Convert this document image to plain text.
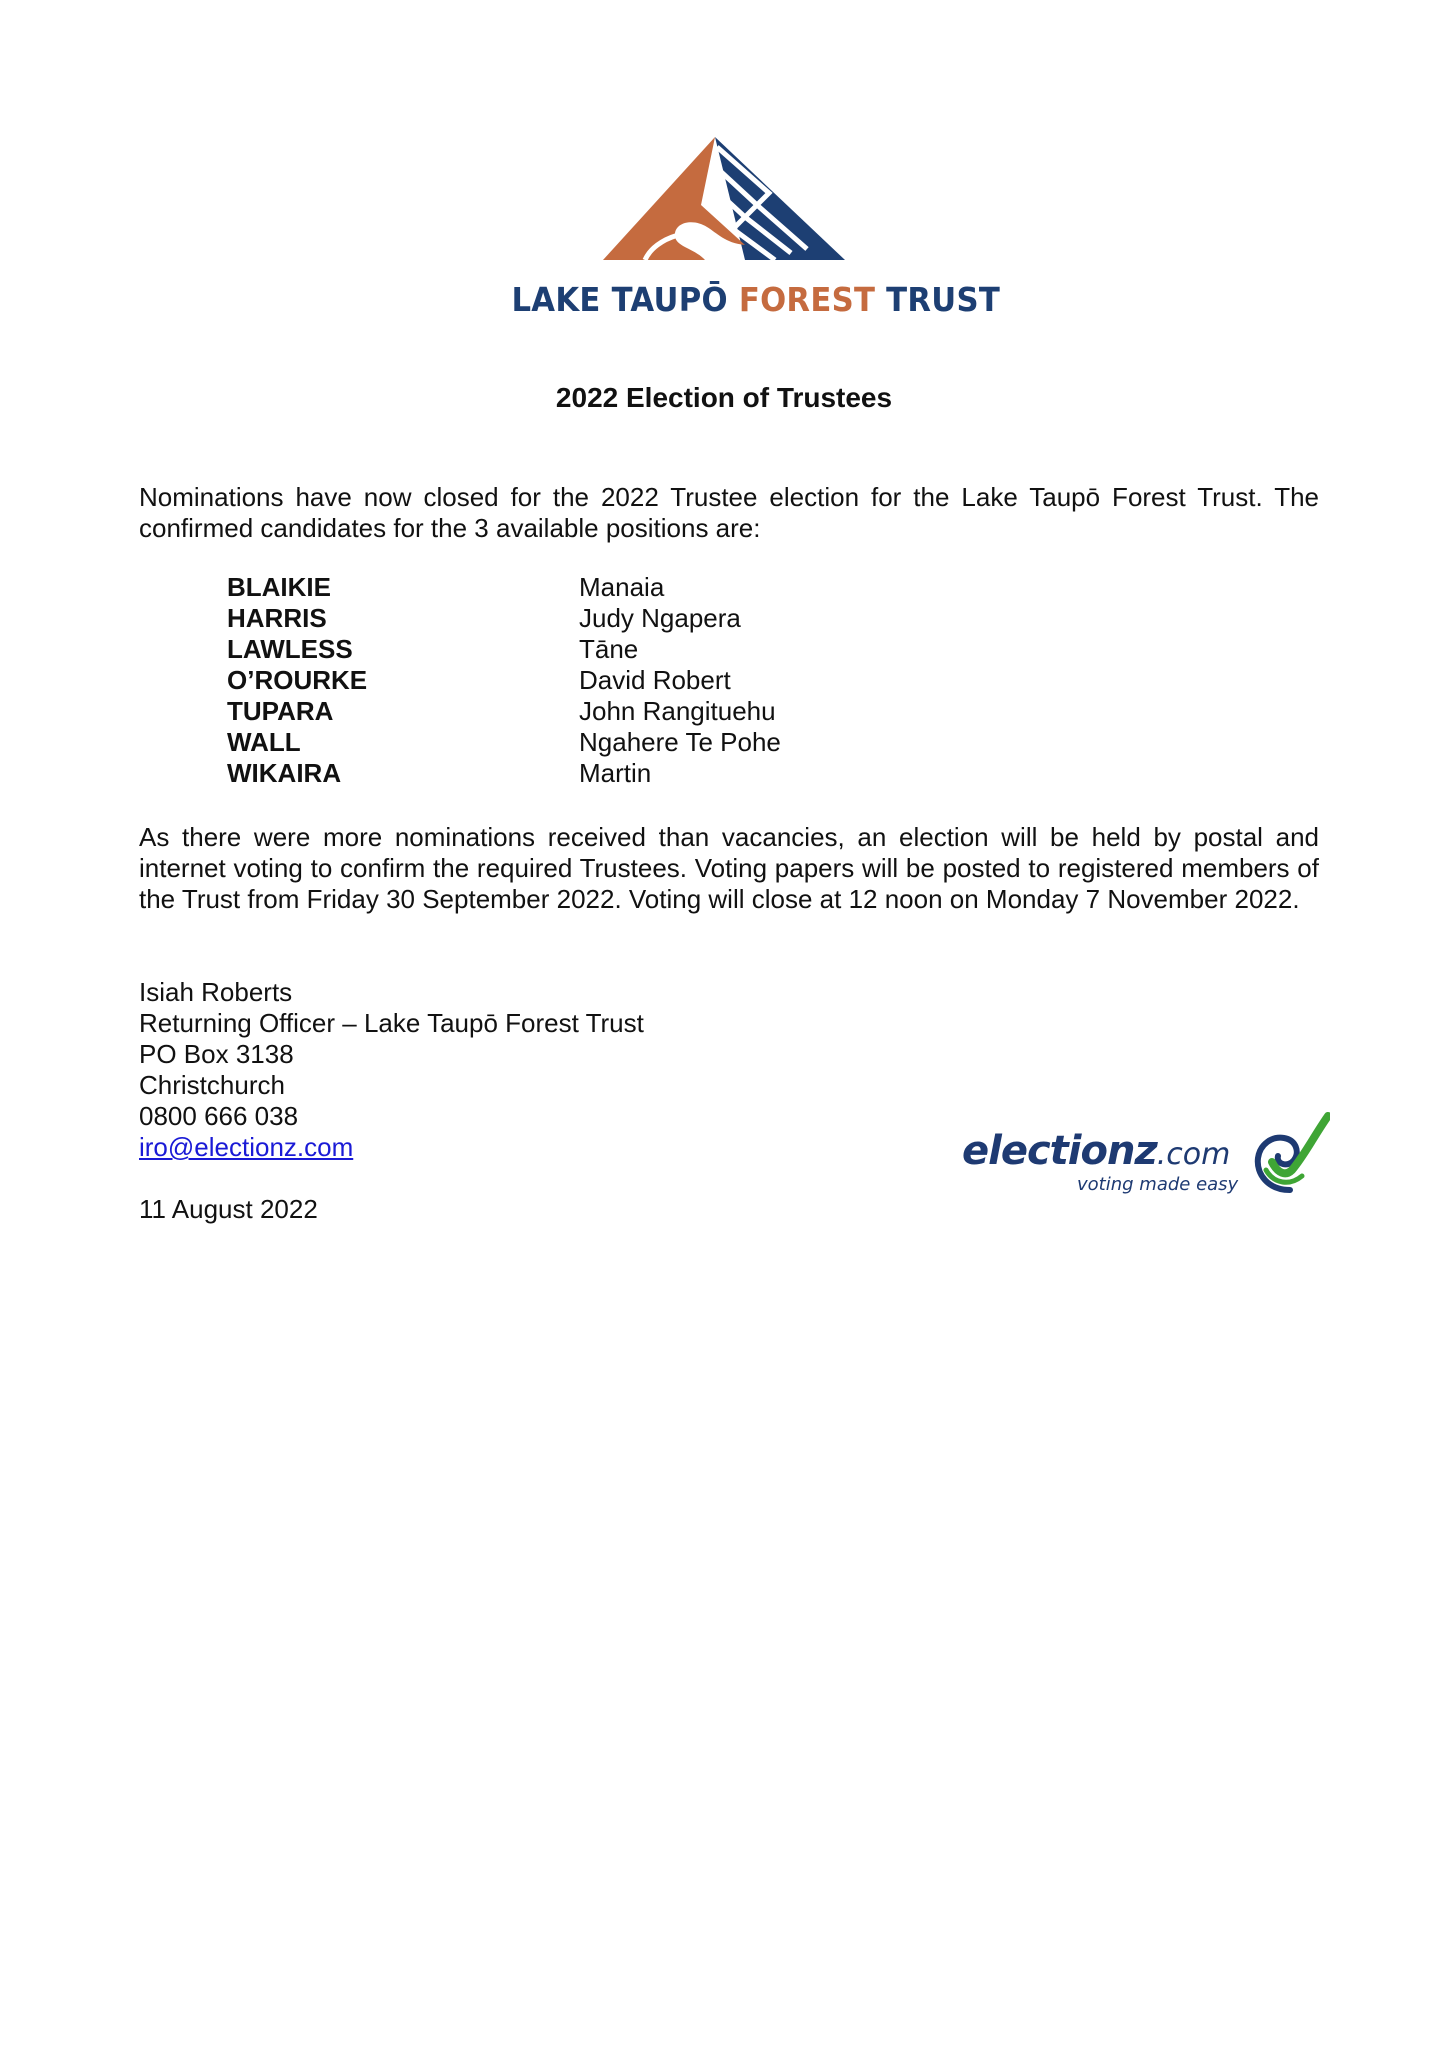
LAKE TAUPŌ FOREST TRUST
2022 Election of Trustees
Nominations have now closed for the 2022 Trustee election for the Lake Taupō Forest Trust. The confirmed candidates for the 3 available positions are:
BLAIKIE	Manaia
HARRIS	Judy Ngapera
LAWLESS	Tāne
O’ROURKE	David Robert
TUPARA	John Rangituehu
WALL	Ngahere Te Pohe
WIKAIRA	Martin
As there were more nominations received than vacancies, an election will be held by postal and internet voting to confirm the required Trustees. Voting papers will be posted to registered members of the Trust from Friday 30 September 2022. Voting will close at 12 noon on Monday 7 November 2022.
Isiah Roberts
Returning Officer – Lake Taupō Forest Trust
PO Box 3138
Christchurch
0800 666 038
iro@electionz.com
11 August 2022
electionz.com
voting made easy
